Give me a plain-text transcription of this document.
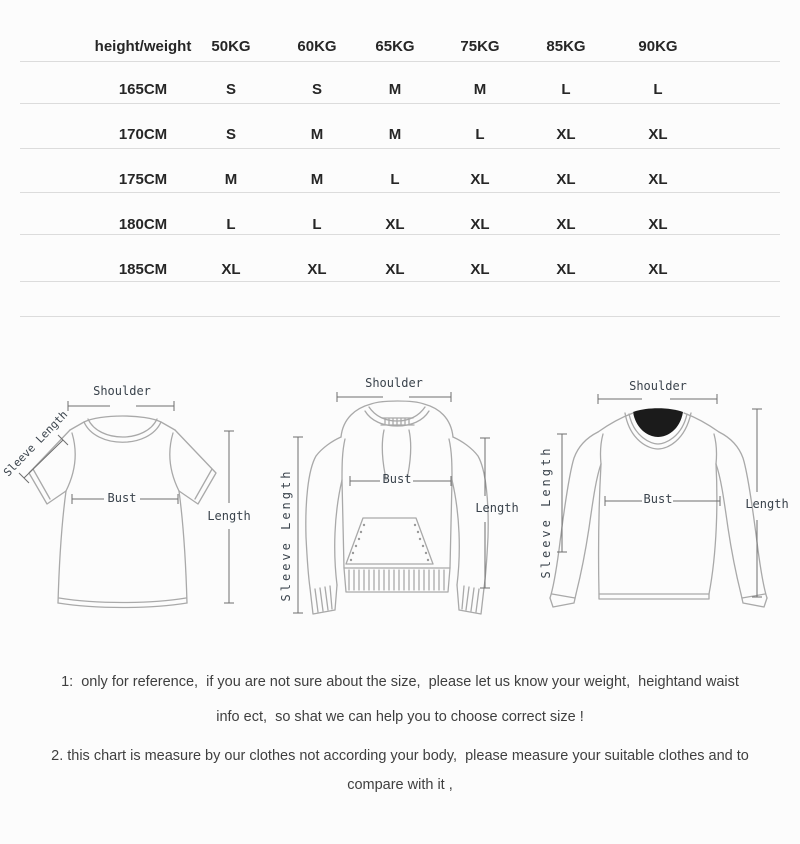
height/weight 50KG	60KG	65KG	75KG	85KG	90KG
165CM	S	S	M	M	L	L
170CM	S	M	M	L	XL	XL
175CM	M	M	L	XL	XL	XL
180CM	L	L	XL	XL	XL	XL
185CM	XL	XL	XL	XL	XL	XL
Shoulder
Sleeve Length
Bust
Length
Shoulder
Sleeve Length	Bust
Length
Shoulder
Sleeve Length	Bust	Length
1:  only for reference,  if you are not sure about the size,  please let us know your weight,  heightand waist
info ect,  so shat we can help you to choose correct size !
2. this chart is measure by our clothes not according your body,  please measure your suitable clothes and to
compare with it ,
